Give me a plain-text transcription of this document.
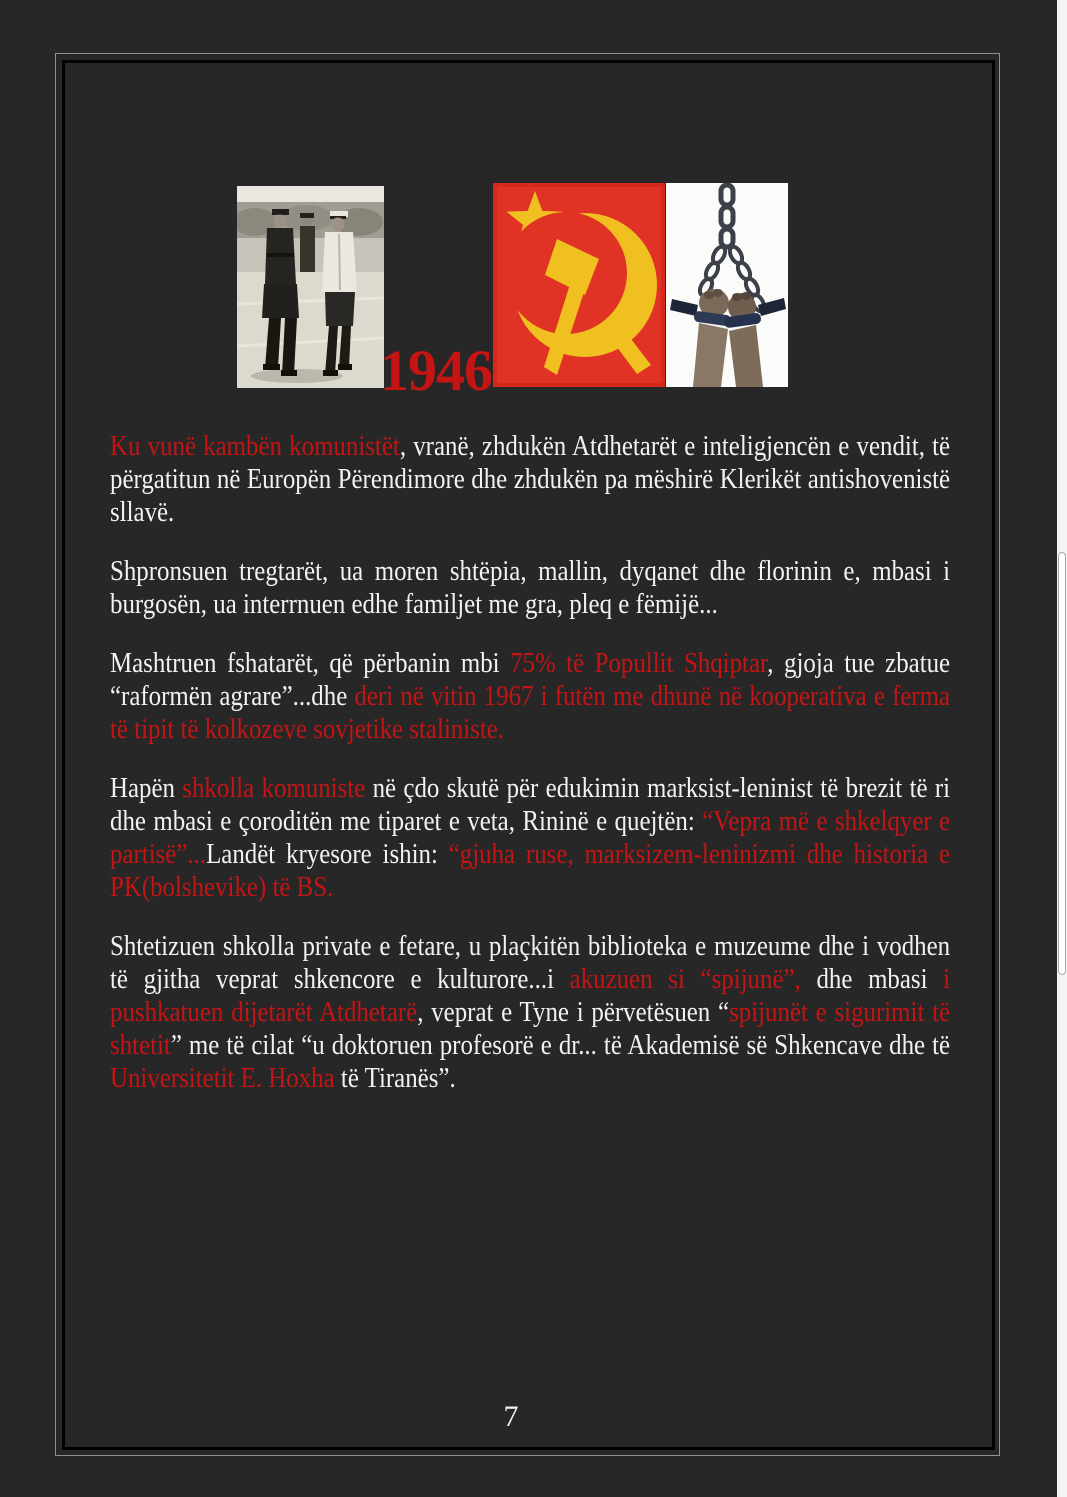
1946

Ku vunë kambën komunistët, vranë, zhdukën Atdhetarët e inteligjencën e vendit, të përgatitun në Europën Përendimore dhe zhdukën pa mëshirë Klerikët antishovenistë sllavë.

Shpronsuen tregtarët, ua moren shtëpia, mallin, dyqanet dhe florinin e, mbasi i burgosën, ua interrnuen edhe familjet me gra, pleq e fëmijë...

Mashtruen fshatarët, që përbanin mbi 75% të Popullit Shqiptar, gjoja tue zbatue “raformën agrare”...dhe deri në vitin 1967 i futën me dhunë në kooperativa e ferma të tipit të kolkozeve sovjetike staliniste.

Hapën shkolla komuniste në çdo skutë për edukimin marksist-leninist të brezit të ri dhe mbasi e çoroditën me tiparet e veta, Rininë e quejtën: “Vepra më e shkelqyer e partisë”...Landët kryesore ishin: “gjuha ruse, marksizem-leninizmi dhe historia e PK(bolshevike) të BS.

Shtetizuen shkolla private e fetare, u plaçkitën biblioteka e muzeume dhe i vodhen të gjitha veprat shkencore e kulturore...i akuzuen si “spijunë”, dhe mbasi i pushkatuen dijetarët Atdhetarë, veprat e Tyne i përvetësuen “spijunët e sigurimit të shtetit” me të cilat “u doktoruen profesorë e dr... të Akademisë së Shkencave dhe të Universitetit E. Hoxha të Tiranës”.

7
